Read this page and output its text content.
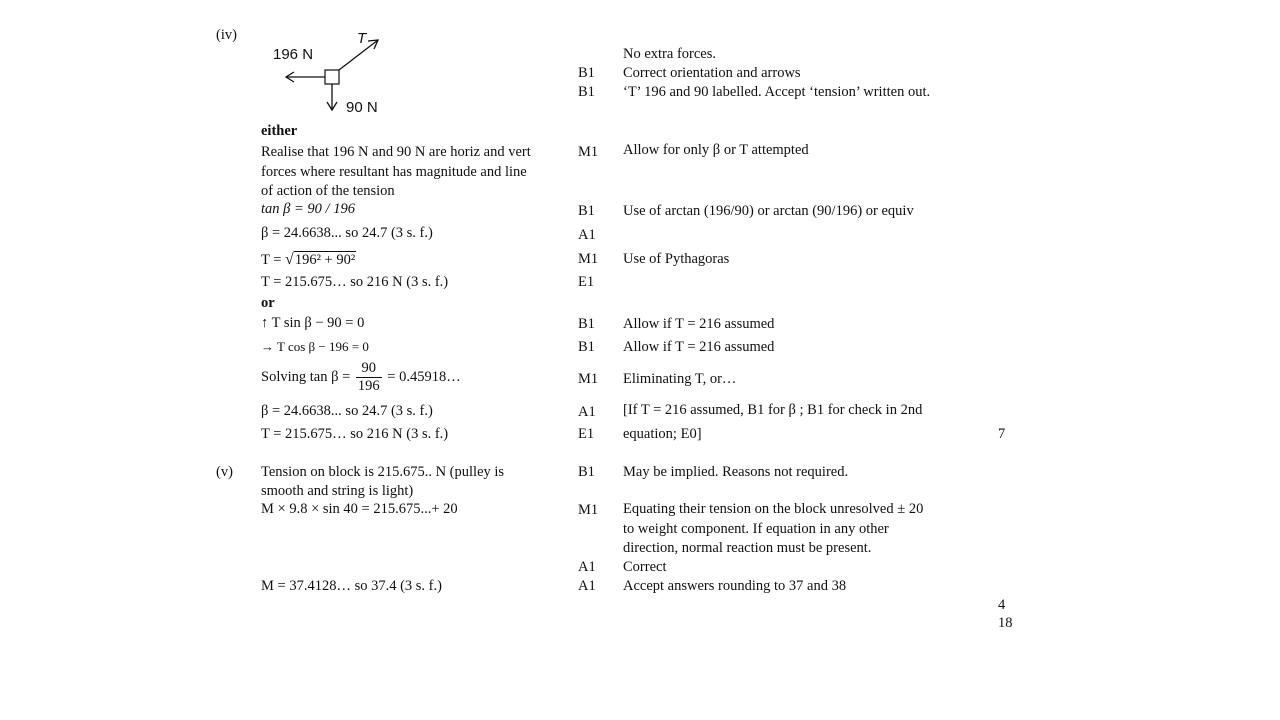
(iv)
196 N
T
90 N
No extra forces.
B1 Correct orientation and arrows
B1 ‘T’ 196 and 90 labelled. Accept ‘tension’ written out.
either
Realise that 196 N and 90 N are horiz and vert	M1 Allow for only β or T attempted
forces where resultant has magnitude and line
of action of the tension
tan β = 90 / 196	B1 Use of arctan (196/90) or arctan (90/196) or equiv
β = 24.6638... so 24.7 (3 s. f.)	A1
T = √196² + 90²	M1 Use of Pythagoras
T = 215.675… so 216 N (3 s. f.)	E1
or
↑ T sin β − 90 = 0	B1 Allow if T = 216 assumed
→ T cos β − 196 = 0	B1 Allow if T = 216 assumed
Solving $\tan \beta = \frac{90}{196}$ = 0.45918…	M1 Eliminating T, or…
β = 24.6638... so 24.7 (3 s. f.)	A1 [If T = 216 assumed, B1 for β ; B1 for check in 2nd
T = 215.675… so 216 N (3 s. f.)	E1 equation; E0]	7
(v) Tension on block is 215.675.. N (pulley is	B1 May be implied. Reasons not required.
smooth and string is light)
M × 9.8 × sin 40 = 215.675...+ 20	M1 Equating their tension on the block unresolved ± 20
to weight component. If equation in any other
direction, normal reaction must be present.
A1 Correct
M = 37.4128… so 37.4 (3 s. f.)	A1 Accept answers rounding to 37 and 38
4
18
